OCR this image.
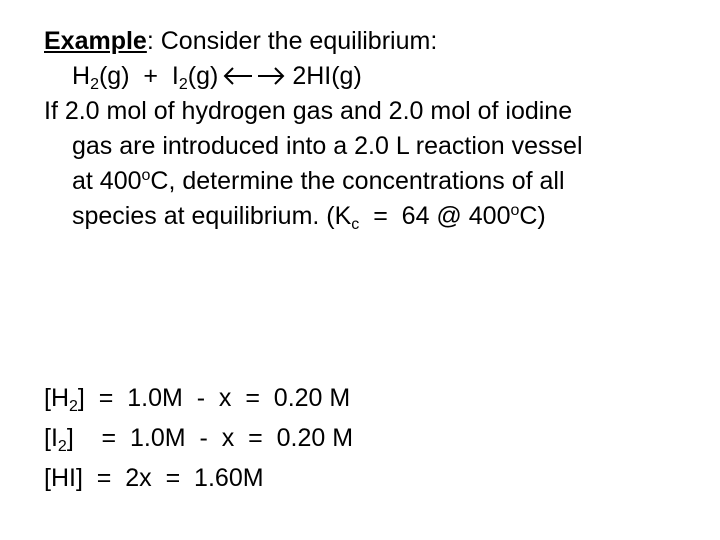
Example: Consider the equilibrium:
$H_2(g) + I_2(g)$	2HI(g)
If 2.0 mol of hydrogen gas and 2.0 mol of iodine
gas are introduced into a 2.0 L reaction vessel
at 400$^o$C, determine the concentrations of all
species at equilibrium. ($K_c = 64$ @ 400$^o$C)
$[H_2] = 1.0M - x = 0.20$ M
$[I_2]$    =  1.0M  -  x  =  0.20 M
[HI]  =  2x  =  1.60M
